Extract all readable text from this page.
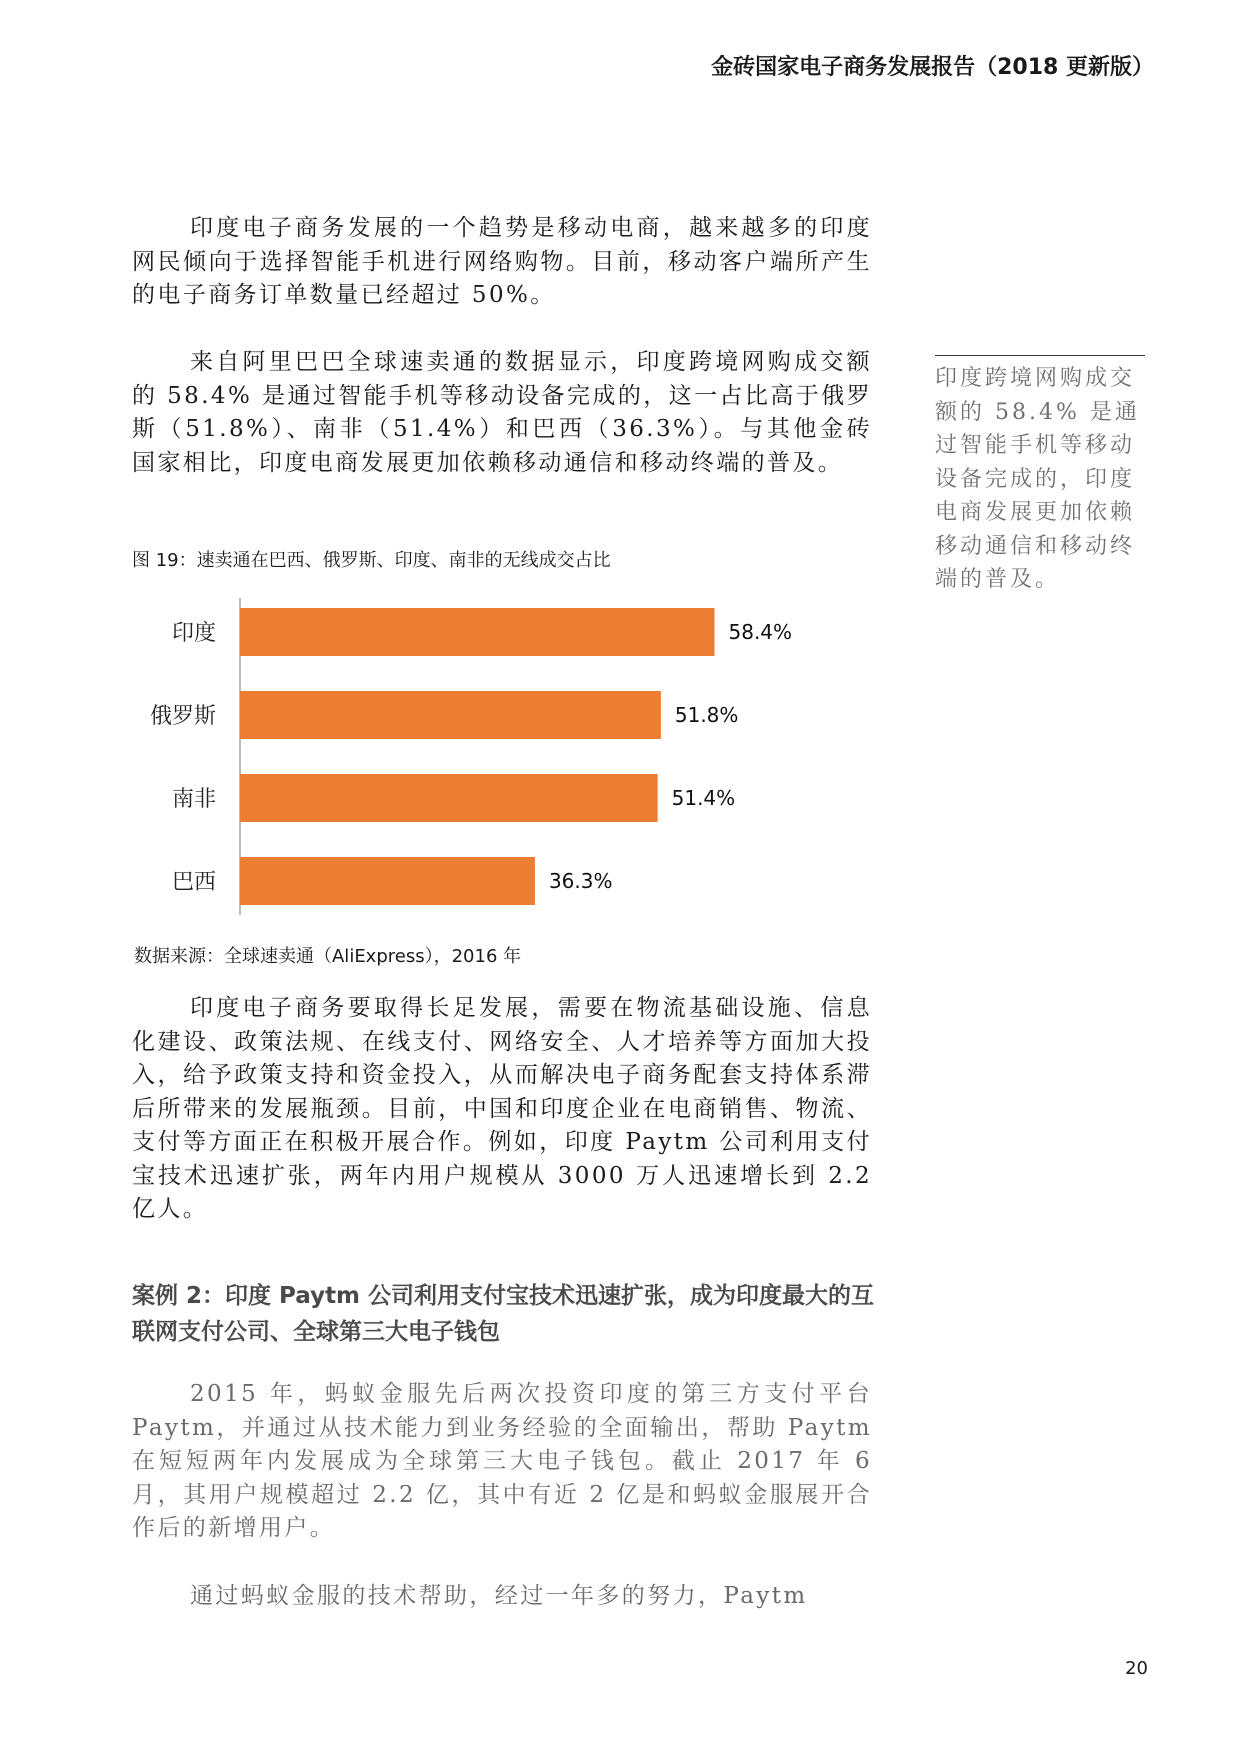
金砖国家电子商务发展报告（2018 更新版）

印度电子商务发展的一个趋势是移动电商，越来越多的印度网民倾向于选择智能手机进行网络购物。目前，移动客户端所产生的电子商务订单数量已经超过 50%。

来自阿里巴巴全球速卖通的数据显示，印度跨境网购成交额的 58.4% 是通过智能手机等移动设备完成的，这一占比高于俄罗斯（51.8%）、南非（51.4%）和巴西（36.3%）。与其他金砖国家相比，印度电商发展更加依赖移动通信和移动终端的普及。

印度跨境网购成交额的 58.4% 是通过智能手机等移动设备完成的，印度电商发展更加依赖移动通信和移动终端的普及。

图 19：速卖通在巴西、俄罗斯、印度、南非的无线成交占比
印度	58.4%
俄罗斯	51.8%
南非	51.4%
巴西	36.3%
数据来源：全球速卖通（AliExpress），2016 年

印度电子商务要取得长足发展，需要在物流基础设施、信息化建设、政策法规、在线支付、网络安全、人才培养等方面加大投入，给予政策支持和资金投入，从而解决电子商务配套支持体系滞后所带来的发展瓶颈。目前，中国和印度企业在电商销售、物流、支付等方面正在积极开展合作。例如，印度 Paytm 公司利用支付宝技术迅速扩张，两年内用户规模从 3000 万人迅速增长到 2.2 亿人。

案例 2：印度 Paytm 公司利用支付宝技术迅速扩张，成为印度最大的互联网支付公司、全球第三大电子钱包

2015 年，蚂蚁金服先后两次投资印度的第三方支付平台 Paytm，并通过从技术能力到业务经验的全面输出，帮助 Paytm 在短短两年内发展成为全球第三大电子钱包。截止 2017 年 6 月，其用户规模超过 2.2 亿，其中有近 2 亿是和蚂蚁金服展开合作后的新增用户。

通过蚂蚁金服的技术帮助，经过一年多的努力，Paytm

20
